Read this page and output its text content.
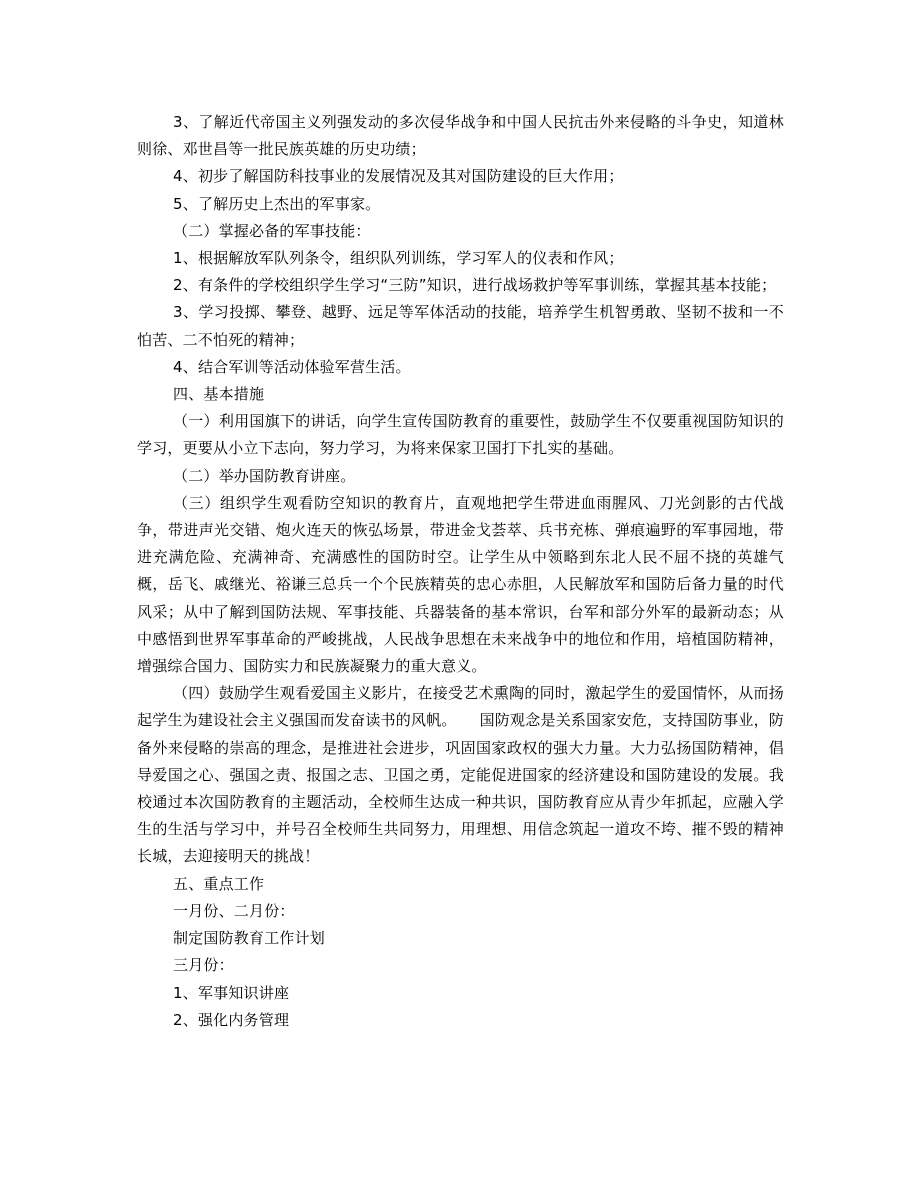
3、了解近代帝国主义列强发动的多次侵华战争和中国人民抗击外来侵略的斗争史，知道林则徐、邓世昌等一批民族英雄的历史功绩；

4、初步了解国防科技事业的发展情况及其对国防建设的巨大作用；

5、了解历史上杰出的军事家。

（二）掌握必备的军事技能：

1、根据解放军队列条令，组织队列训练，学习军人的仪表和作风；

2、有条件的学校组织学生学习“三防”知识，进行战场救护等军事训练，掌握其基本技能；

3、学习投掷、攀登、越野、远足等军体活动的技能，培养学生机智勇敢、坚韧不拔和一不怕苦、二不怕死的精神；

4、结合军训等活动体验军营生活。

四、基本措施

（一）利用国旗下的讲话，向学生宣传国防教育的重要性，鼓励学生不仅要重视国防知识的学习，更要从小立下志向，努力学习，为将来保家卫国打下扎实的基础。

（二）举办国防教育讲座。

（三）组织学生观看防空知识的教育片，直观地把学生带进血雨腥风、刀光剑影的古代战争，带进声光交错、炮火连天的恢弘场景，带进金戈荟萃、兵书充栋、弹痕遍野的军事园地，带进充满危险、充满神奇、充满感性的国防时空。让学生从中领略到东北人民不屈不挠的英雄气概，岳飞、戚继光、裕谦三总兵一个个民族精英的忠心赤胆，人民解放军和国防后备力量的时代风采；从中了解到国防法规、军事技能、兵器装备的基本常识，台军和部分外军的最新动态；从中感悟到世界军事革命的严峻挑战，人民战争思想在未来战争中的地位和作用，培植国防精神，增强综合国力、国防实力和民族凝聚力的重大意义。

（四）鼓励学生观看爱国主义影片，在接受艺术熏陶的同时，激起学生的爱国情怀，从而扬起学生为建设社会主义强国而发奋读书的风帆。　　国防观念是关系国家安危，支持国防事业，防备外来侵略的崇高的理念，是推进社会进步，巩固国家政权的强大力量。大力弘扬国防精神，倡导爱国之心、强国之责、报国之志、卫国之勇，定能促进国家的经济建设和国防建设的发展。我校通过本次国防教育的主题活动，全校师生达成一种共识，国防教育应从青少年抓起，应融入学生的生活与学习中，并号召全校师生共同努力，用理想、用信念筑起一道攻不垮、摧不毁的精神长城，去迎接明天的挑战！

五、重点工作

一月份、二月份：

制定国防教育工作计划

三月份：

1、军事知识讲座

2、强化内务管理
